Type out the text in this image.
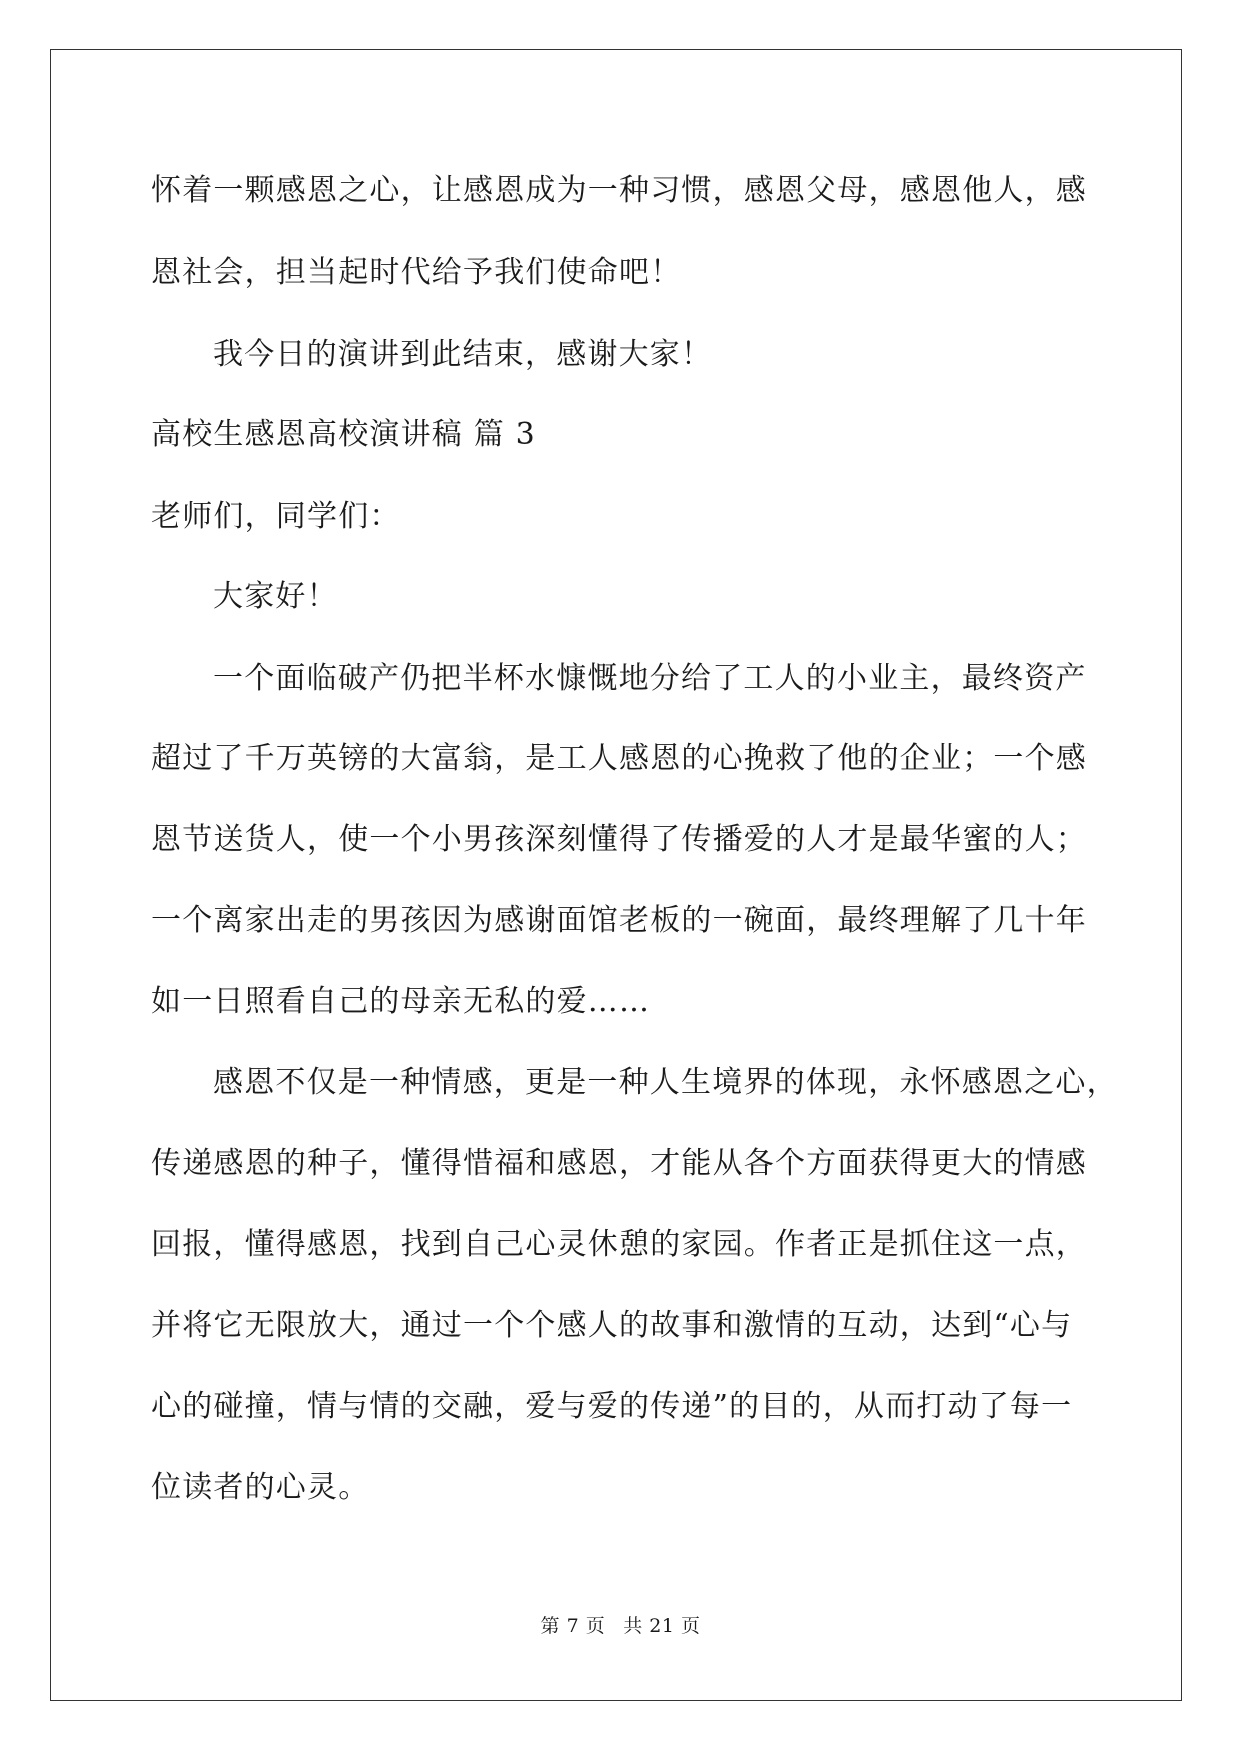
怀着一颗感恩之心，让感恩成为一种习惯，感恩父母，感恩他人，感
恩社会，担当起时代给予我们使命吧！
我今日的演讲到此结束，感谢大家！
高校生感恩高校演讲稿 篇 3
老师们，同学们：
大家好！
一个面临破产仍把半杯水慷慨地分给了工人的小业主，最终资产
超过了千万英镑的大富翁，是工人感恩的心挽救了他的企业；一个感
恩节送货人，使一个小男孩深刻懂得了传播爱的人才是最华蜜的人；
一个离家出走的男孩因为感谢面馆老板的一碗面，最终理解了几十年
如一日照看自己的母亲无私的爱……
感恩不仅是一种情感，更是一种人生境界的体现，永怀感恩之心，
传递感恩的种子，懂得惜福和感恩，才能从各个方面获得更大的情感
回报，懂得感恩，找到自己心灵休憩的家园。作者正是抓住这一点，
并将它无限放大，通过一个个感人的故事和激情的互动，达到“心与
心的碰撞，情与情的交融，爱与爱的传递”的目的，从而打动了每一
位读者的心灵。
第 7 页 共 21 页
